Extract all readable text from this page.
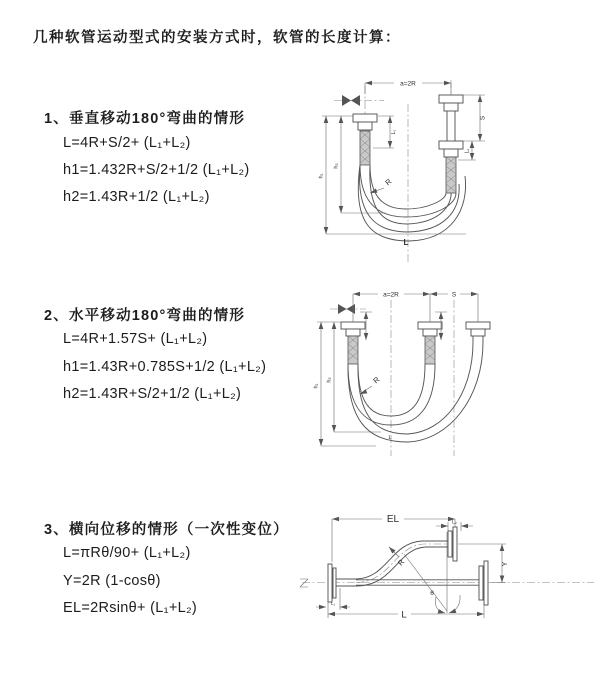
几种软管运动型式的安装方式时，软管的长度计算：
1、垂直移动180°弯曲的情形
L=4R+S/2+ (L₁+L₂)
h1=1.432R+S/2+1/2 (L₁+L₂)
h2=1.43R+1/2 (L₁+L₂)
a=2R
S
L₂
h₁
h₂
L₁
R
L
2、水平移动180°弯曲的情形
L=4R+1.57S+ (L₁+L₂)
h1=1.43R+0.785S+1/2 (L₁+L₂)
h2=1.43R+S/2+1/2 (L₁+L₂)
a=2R	S
h₁
h₂	R
L
3、横向位移的情形（一次性变位）
L=πRθ/90+ (L₁+L₂)
Y=2R (1-cosθ)
EL=2Rsinθ+ (L₁+L₂)
θ
R
EL	L₂
Y
L
L₁
